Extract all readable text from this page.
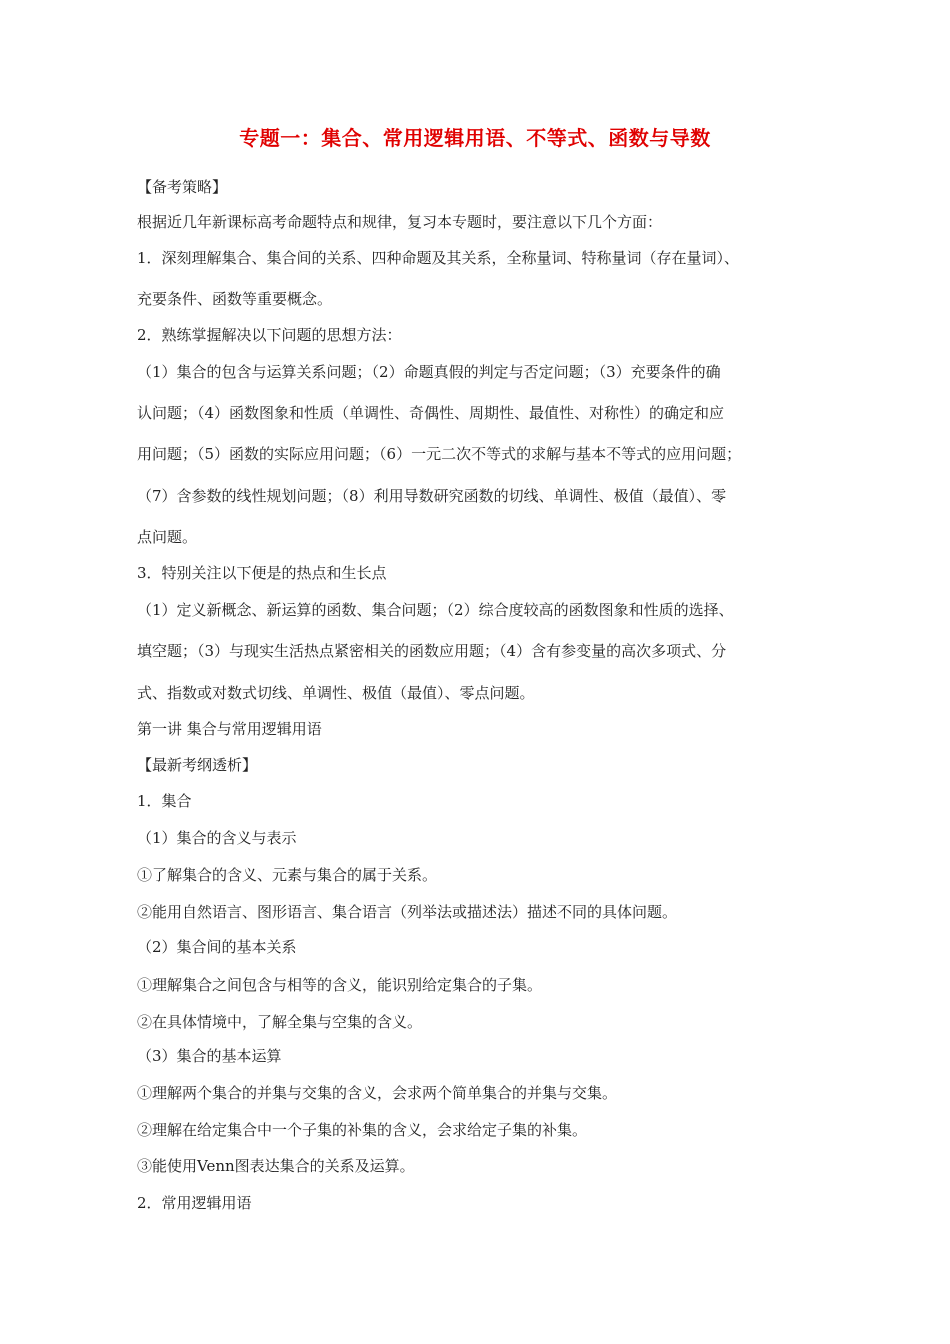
专题一：集合、常用逻辑用语、不等式、函数与导数
【备考策略】
根据近几年新课标高考命题特点和规律，复习本专题时，要注意以下几个方面：
1．深刻理解集合、集合间的关系、四种命题及其关系，全称量词、特称量词（存在量词）、
充要条件、函数等重要概念。
2．熟练掌握解决以下问题的思想方法：
（1）集合的包含与运算关系问题；（2）命题真假的判定与否定问题；（3）充要条件的确
认问题；（4）函数图象和性质（单调性、奇偶性、周期性、最值性、对称性）的确定和应
用问题；（5）函数的实际应用问题；（6）一元二次不等式的求解与基本不等式的应用问题；
（7）含参数的线性规划问题；（8）利用导数研究函数的切线、单调性、极值（最值）、零
点问题。
3．特别关注以下便是的热点和生长点
（1）定义新概念、新运算的函数、集合问题；（2）综合度较高的函数图象和性质的选择、
填空题；（3）与现实生活热点紧密相关的函数应用题；（4）含有参变量的高次多项式、分
式、指数或对数式切线、单调性、极值（最值）、零点问题。
第一讲 集合与常用逻辑用语
【最新考纲透析】
1．集合
（1）集合的含义与表示
①了解集合的含义、元素与集合的属于关系。
②能用自然语言、图形语言、集合语言（列举法或描述法）描述不同的具体问题。
（2）集合间的基本关系
①理解集合之间包含与相等的含义，能识别给定集合的子集。
②在具体情境中，了解全集与空集的含义。
（3）集合的基本运算
①理解两个集合的并集与交集的含义，会求两个简单集合的并集与交集。
②理解在给定集合中一个子集的补集的含义，会求给定子集的补集。
③能使用Venn图表达集合的关系及运算。
2．常用逻辑用语
